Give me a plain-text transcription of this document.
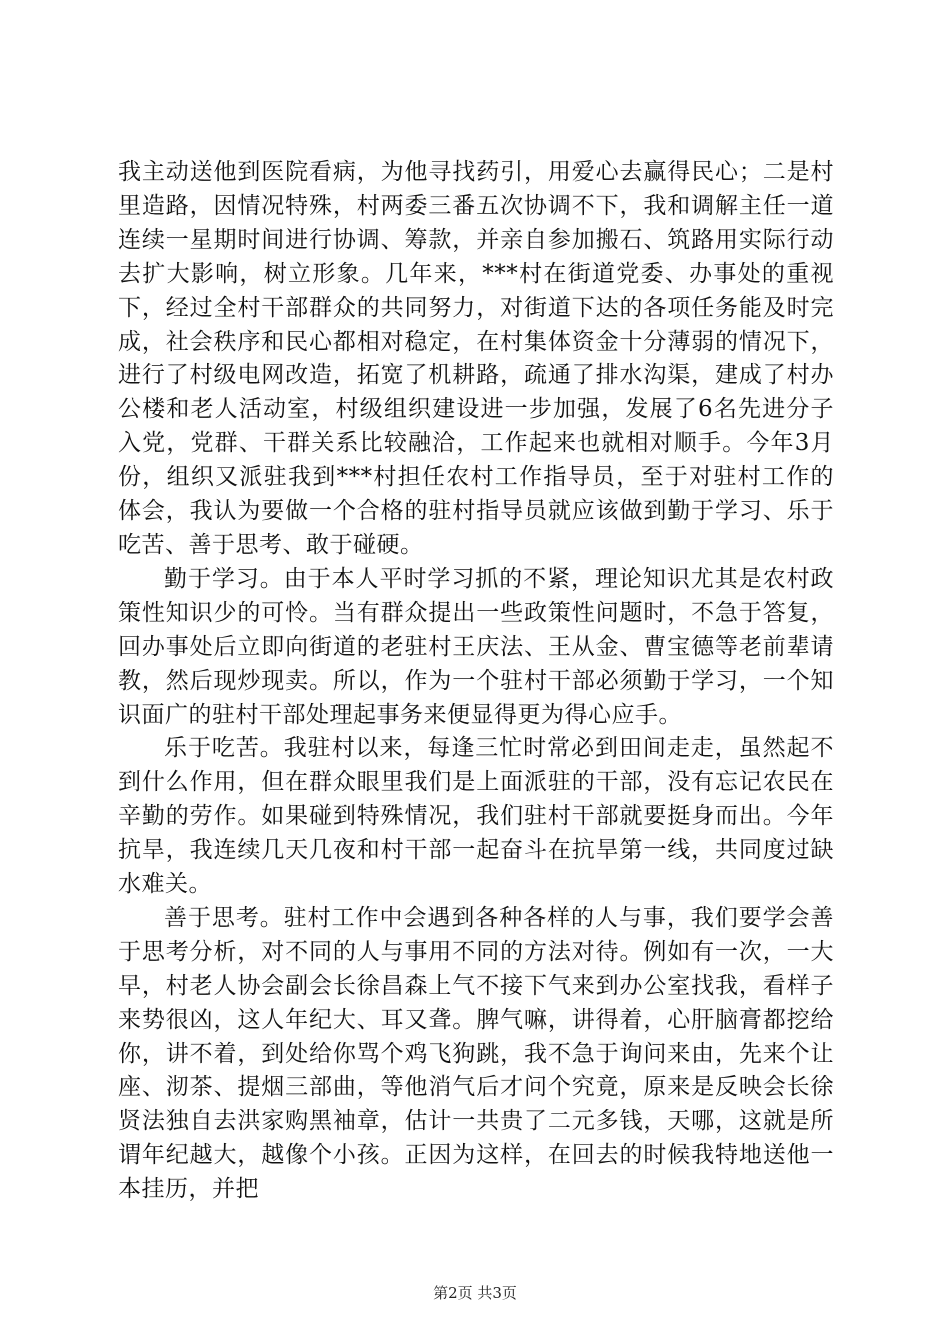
我主动送他到医院看病，为他寻找药引，用爱心去赢得民心；二是村里造路，因情况特殊，村两委三番五次协调不下，我和调解主任一道连续一星期时间进行协调、筹款，并亲自参加搬石、筑路用实际行动去扩大影响，树立形象。几年来，***村在街道党委、办事处的重视下，经过全村干部群众的共同努力，对街道下达的各项任务能及时完成，社会秩序和民心都相对稳定，在村集体资金十分薄弱的情况下，进行了村级电网改造，拓宽了机耕路，疏通了排水沟渠，建成了村办公楼和老人活动室，村级组织建设进一步加强，发展了6名先进分子入党，党群、干群关系比较融洽，工作起来也就相对顺手。今年3月份，组织又派驻我到***村担任农村工作指导员，至于对驻村工作的体会，我认为要做一个合格的驻村指导员就应该做到勤于学习、乐于吃苦、善于思考、敢于碰硬。

勤于学习。由于本人平时学习抓的不紧，理论知识尤其是农村政策性知识少的可怜。当有群众提出一些政策性问题时，不急于答复，回办事处后立即向街道的老驻村王庆法、王从金、曹宝德等老前辈请教，然后现炒现卖。所以，作为一个驻村干部必须勤于学习，一个知识面广的驻村干部处理起事务来便显得更为得心应手。

乐于吃苦。我驻村以来，每逢三忙时常必到田间走走，虽然起不到什么作用，但在群众眼里我们是上面派驻的干部，没有忘记农民在辛勤的劳作。如果碰到特殊情况，我们驻村干部就要挺身而出。今年抗旱，我连续几天几夜和村干部一起奋斗在抗旱第一线，共同度过缺水难关。

善于思考。驻村工作中会遇到各种各样的人与事，我们要学会善于思考分析，对不同的人与事用不同的方法对待。例如有一次，一大早，村老人协会副会长徐昌森上气不接下气来到办公室找我，看样子来势很凶，这人年纪大、耳又聋。脾气嘛，讲得着，心肝脑膏都挖给你，讲不着，到处给你骂个鸡飞狗跳，我不急于询问来由，先来个让座、沏茶、提烟三部曲，等他消气后才问个究竟，原来是反映会长徐贤法独自去洪家购黑袖章，估计一共贵了二元多钱，天哪，这就是所谓年纪越大，越像个小孩。正因为这样，在回去的时候我特地送他一本挂历，并把

第2页 共3页
